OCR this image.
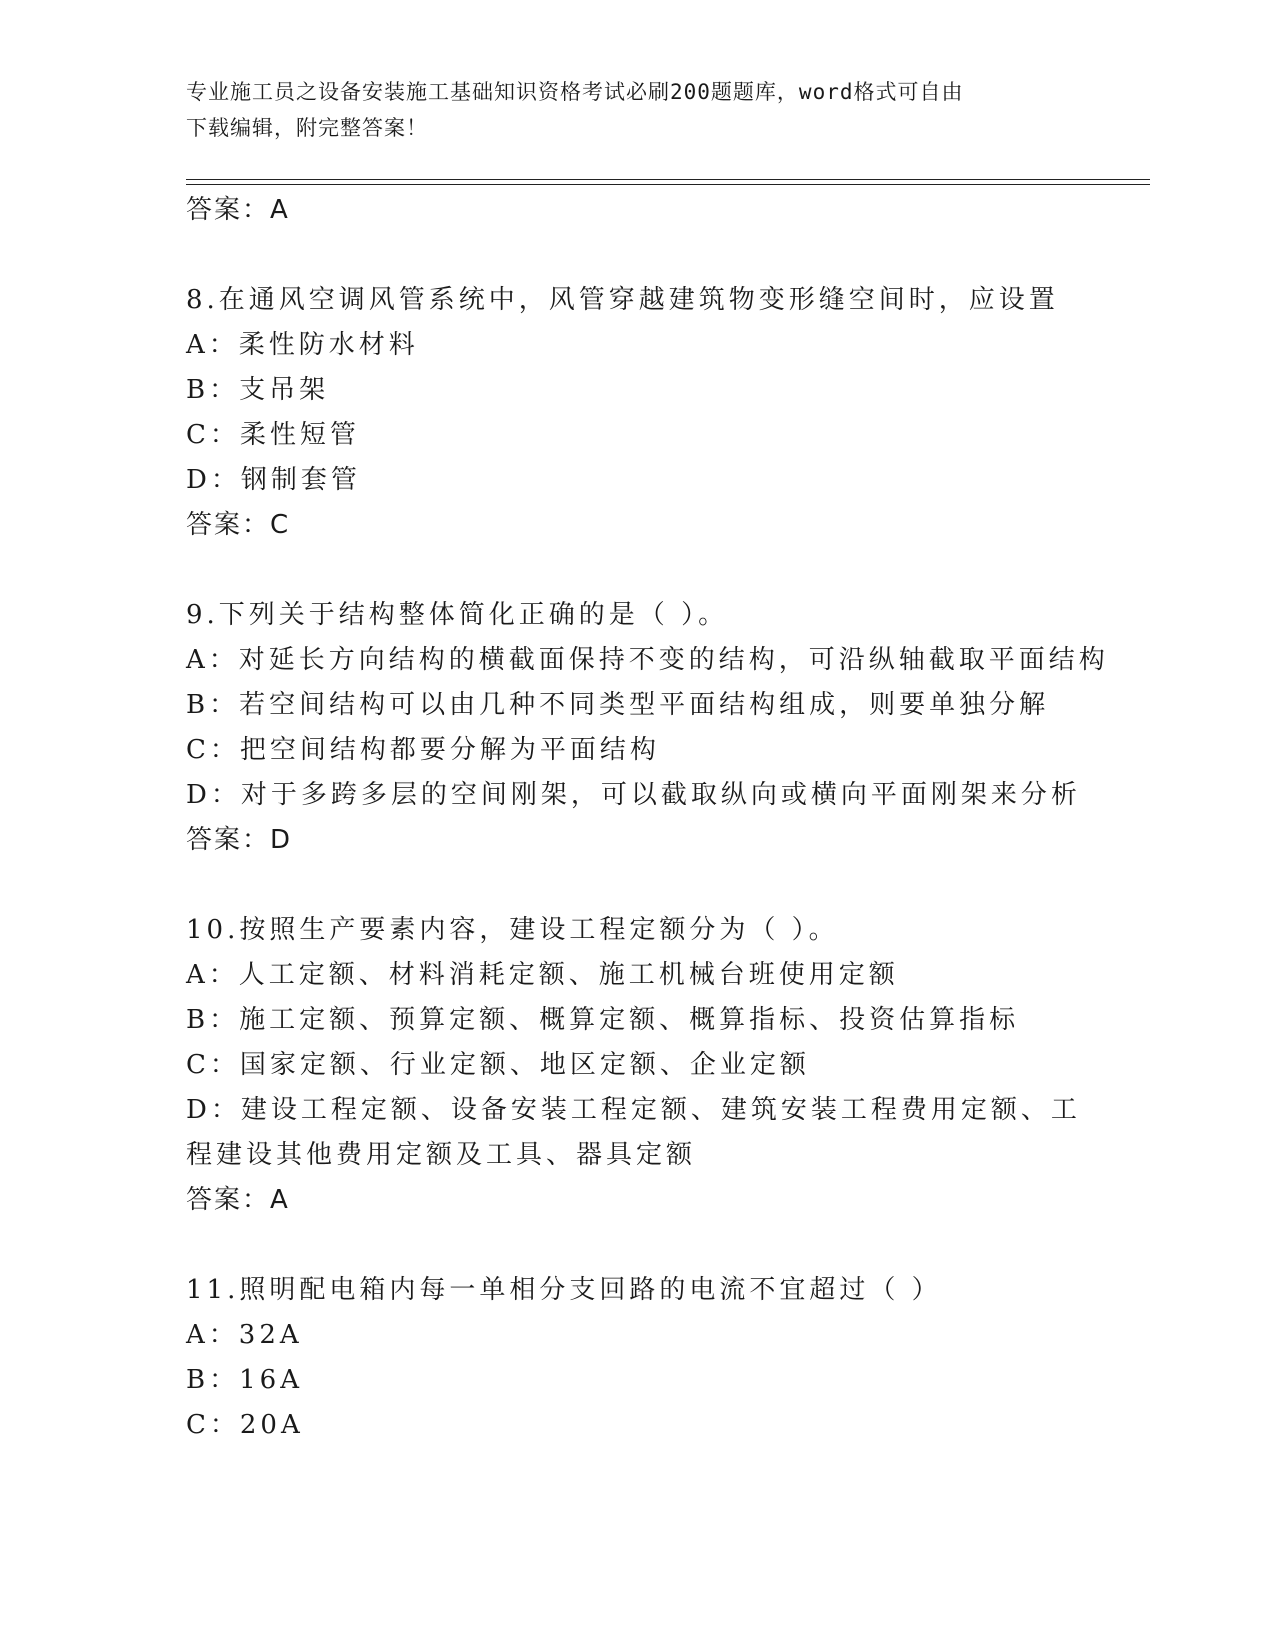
专业施工员之设备安装施工基础知识资格考试必刷200题题库，word格式可自由
下载编辑，附完整答案！
答案：A
8.在通风空调风管系统中，风管穿越建筑物变形缝空间时，应设置
A：柔性防水材料
B：支吊架
C：柔性短管
D：钢制套管
答案：C
9.下列关于结构整体简化正确的是（ ）。
A：对延长方向结构的横截面保持不变的结构，可沿纵轴截取平面结构
B：若空间结构可以由几种不同类型平面结构组成，则要单独分解
C：把空间结构都要分解为平面结构
D：对于多跨多层的空间刚架，可以截取纵向或横向平面刚架来分析
答案：D
10.按照生产要素内容，建设工程定额分为（ ）。
A：人工定额、材料消耗定额、施工机械台班使用定额
B：施工定额、预算定额、概算定额、概算指标、投资估算指标
C：国家定额、行业定额、地区定额、企业定额
D：建设工程定额、设备安装工程定额、建筑安装工程费用定额、工程建设其他费用定额及工具、器具定额
答案：A
11.照明配电箱内每一单相分支回路的电流不宜超过（ ）
A：32A
B：16A
C：20A
